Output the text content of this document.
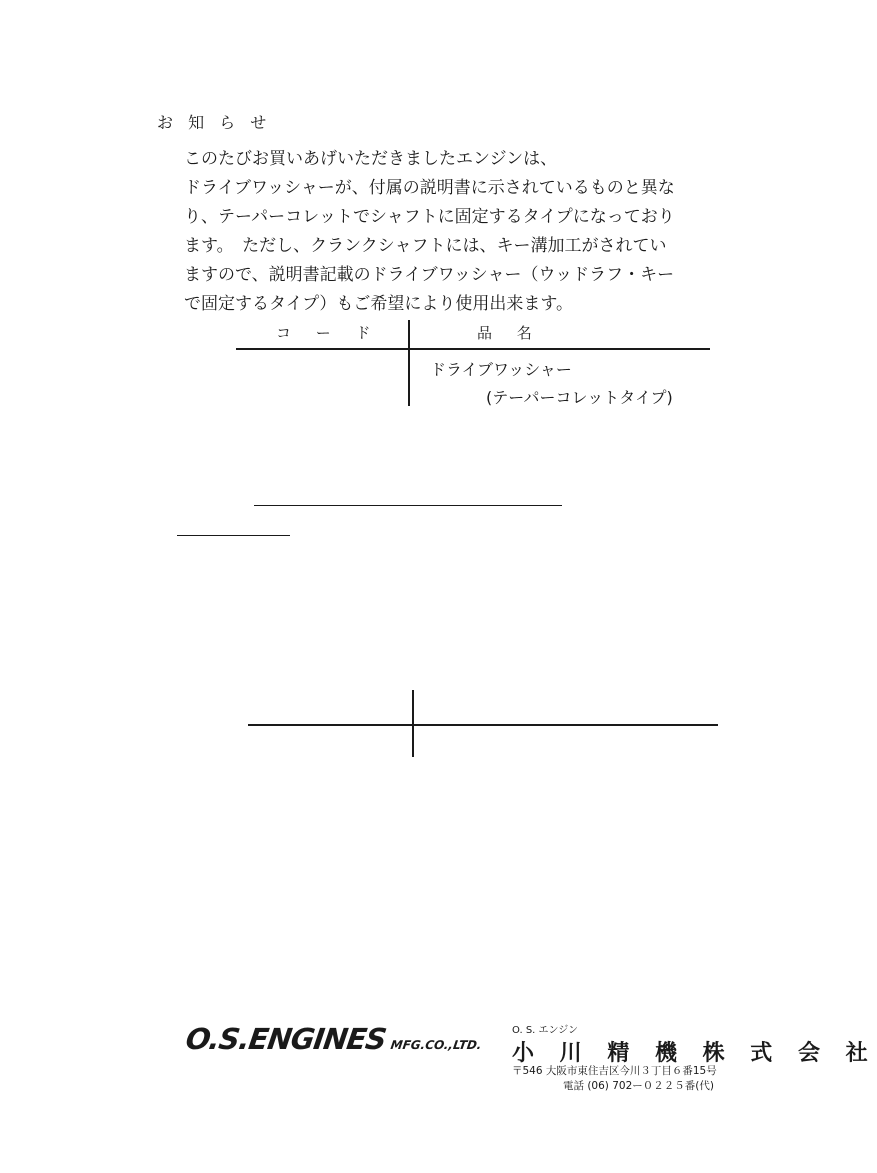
お 知 ら せ
このたびお買いあげいただきましたエンジンは、
ドライブワッシャーが、付属の説明書に示されているものと異な
り、テーパーコレットでシャフトに固定するタイプになっており
ます。　ただし、クランクシャフトには、キー溝加工がされてい
ますので、説明書記載のドライブワッシャー（ウッドラフ・キー
で固定するタイプ）もご希望により使用出来ます。
コ ー ド	品 名
ドライブワッシャー
(テーパーコレットタイプ)
O.S.ENGINES MFG.CO.,LTD.
O. S. エンジン
小 川 精 機 株 式 会 社
〒546 大阪市東住吉区今川３丁目６番15号
電話 (06) 702ー０２２５番(代)
